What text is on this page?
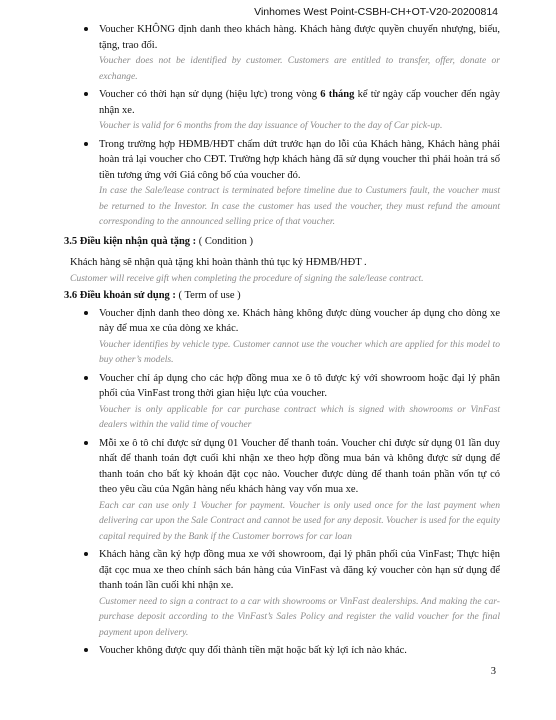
Vinhomes West Point-CSBH-CH+OT-V20-20200814
Voucher KHÔNG định danh theo khách hàng. Khách hàng được quyền chuyển nhượng, biếu, tặng, trao đổi.
Voucher does not be identified by customer. Customers are entitled to transfer, offer, donate or exchange.
Voucher có thời hạn sử dụng (hiệu lực) trong vòng 6 tháng kể từ ngày cấp voucher đến ngày nhận xe.
Voucher is valid for 6 months from the day issuance of Voucher to the day of Car pick-up.
Trong trường hợp HĐMB/HĐT chấm dứt trước hạn do lỗi của Khách hàng, Khách hàng phải hoàn trả lại voucher cho CĐT. Trường hợp khách hàng đã sử dụng voucher thì phải hoàn trả số tiền tương ứng với Giá công bố của voucher đó.
In case the Sale/lease contract is terminated before timeline due to Custumers fault, the voucher must be returned to the Investor. In case the customer has used the voucher, they must refund the amount corresponding to the announced selling price of that voucher.
3.5 Điều kiện nhận quà tặng : ( Condition )
Khách hàng sẽ nhận quà tặng khi hoàn thành thủ tục ký HĐMB/HĐT .
Customer will receive gift when completing the procedure of signing the sale/lease contract.
3.6 Điều khoản sử dụng : ( Term of use )
Voucher định danh theo dòng xe. Khách hàng không được dùng voucher áp dụng cho dòng xe này để mua xe của dòng xe khác.
Voucher identifies by vehicle type. Customer cannot use the voucher which are applied for this model to buy other’s models.
Voucher chỉ áp dụng cho các hợp đồng mua xe ô tô được ký với showroom hoặc đại lý phân phối của VinFast trong thời gian hiệu lực của voucher.
Voucher is only applicable for car purchase contract which is signed with showrooms or VinFast dealers within the valid time of voucher
Mỗi xe ô tô chỉ được sử dụng 01 Voucher để thanh toán. Voucher chỉ được sử dụng 01 lần duy nhất để thanh toán đợt cuối khi nhận xe theo hợp đồng mua bán và không được sử dụng để thanh toán cho bất kỳ khoản đặt cọc nào. Voucher được dùng để thanh toán phần vốn tự có theo yêu cầu của Ngân hàng nếu khách hàng vay vốn mua xe.
Each car can use only 1 Voucher for payment. Voucher is only used once for the last payment when delivering car upon the Sale Contract and cannot be used for any deposit. Voucher is used for the equity capital required by the Bank if the Customer borrows for car loan
Khách hàng cần ký hợp đồng mua xe với showroom, đại lý phân phối của VinFast; Thực hiện đặt cọc mua xe theo chính sách bán hàng của VinFast và đăng ký voucher còn hạn sử dụng để thanh toán lần cuối khi nhận xe.
Customer need to sign a contract to a car with showrooms or VinFast dealerships. And making the car-purchase deposit according to the VinFast’s Sales Policy and register the valid voucher for the final payment upon delivery.
Voucher không được quy đổi thành tiền mặt hoặc bất kỳ lợi ích nào khác.
3
